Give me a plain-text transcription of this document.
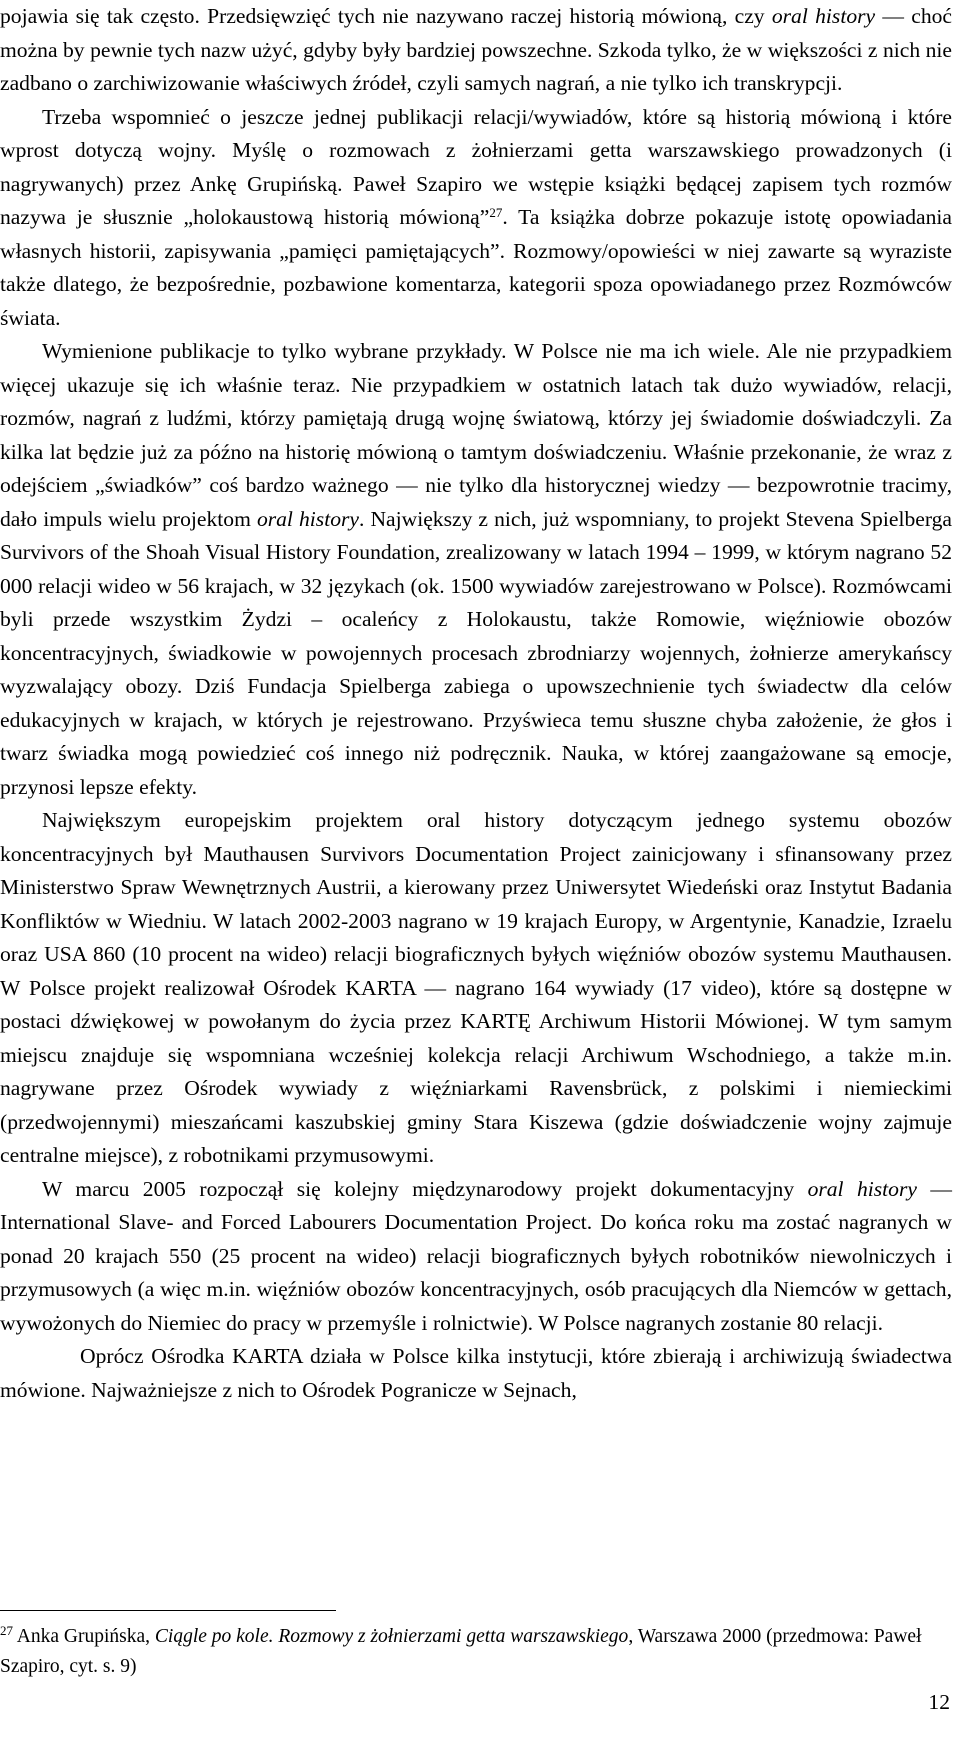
pojawia się tak często. Przedsięwzięć tych nie nazywano raczej historią mówioną, czy oral history — choć można by pewnie tych nazw użyć, gdyby były bardziej powszechne. Szkoda tylko, że w większości z nich nie zadbano o zarchiwizowanie właściwych źródeł, czyli samych nagrań, a nie tylko ich transkrypcji.

Trzeba wspomnieć o jeszcze jednej publikacji relacji/wywiadów, które są historią mówioną i które wprost dotyczą wojny. Myślę o rozmowach z żołnierzami getta warszawskiego prowadzonych (i nagrywanych) przez Ankę Grupińską. Paweł Szapiro we wstępie książki będącej zapisem tych rozmów nazywa je słusznie „holokaustową historią mówioną”$^{27}$. Ta książka dobrze pokazuje istotę opowiadania własnych historii, zapisywania „pamięci pamiętających”. Rozmowy/opowieści w niej zawarte są wyraziste także dlatego, że bezpośrednie, pozbawione komentarza, kategorii spoza opowiadanego przez Rozmówców świata.

Wymienione publikacje to tylko wybrane przykłady. W Polsce nie ma ich wiele. Ale nie przypadkiem więcej ukazuje się ich właśnie teraz. Nie przypadkiem w ostatnich latach tak dużo wywiadów, relacji, rozmów, nagrań z ludźmi, którzy pamiętają drugą wojnę światową, którzy jej świadomie doświadczyli. Za kilka lat będzie już za późno na historię mówioną o tamtym doświadczeniu. Właśnie przekonanie, że wraz z odejściem „świadków” coś bardzo ważnego — nie tylko dla historycznej wiedzy — bezpowrotnie tracimy, dało impuls wielu projektom oral history. Największy z nich, już wspomniany, to projekt Stevena Spielberga Survivors of the Shoah Visual History Foundation, zrealizowany w latach 1994 – 1999, w którym nagrano 52 000 relacji wideo w 56 krajach, w 32 językach (ok. 1500 wywiadów zarejestrowano w Polsce). Rozmówcami byli przede wszystkim Żydzi – ocaleńcy z Holokaustu, także Romowie, więźniowie obozów koncentracyjnych, świadkowie w powojennych procesach zbrodniarzy wojennych, żołnierze amerykańscy wyzwalający obozy. Dziś Fundacja Spielberga zabiega o upowszechnienie tych świadectw dla celów edukacyjnych w krajach, w których je rejestrowano. Przyświeca temu słuszne chyba założenie, że głos i twarz świadka mogą powiedzieć coś innego niż podręcznik. Nauka, w której zaangażowane są emocje, przynosi lepsze efekty.

Największym europejskim projektem oral history dotyczącym jednego systemu obozów koncentracyjnych był Mauthausen Survivors Documentation Project zainicjowany i sfinansowany przez Ministerstwo Spraw Wewnętrznych Austrii, a kierowany przez Uniwersytet Wiedeński oraz Instytut Badania Konfliktów w Wiedniu. W latach 2002-2003 nagrano w 19 krajach Europy, w Argentynie, Kanadzie, Izraelu oraz USA 860 (10 procent na wideo) relacji biograficznych byłych więźniów obozów systemu Mauthausen. W Polsce projekt realizował Ośrodek KARTA — nagrano 164 wywiady (17 video), które są dostępne w postaci dźwiękowej w powołanym do życia przez KARTĘ Archiwum Historii Mówionej. W tym samym miejscu znajduje się wspomniana wcześniej kolekcja relacji Archiwum Wschodniego, a także m.in. nagrywane przez Ośrodek wywiady z więźniarkami Ravensbrück, z polskimi i niemieckimi (przedwojennymi) mieszańcami kaszubskiej gminy Stara Kiszewa (gdzie doświadczenie wojny zajmuje centralne miejsce), z robotnikami przymusowymi.

W marcu 2005 rozpoczął się kolejny międzynarodowy projekt dokumentacyjny oral history — International Slave- and Forced Labourers Documentation Project. Do końca roku ma zostać nagranych w ponad 20 krajach 550 (25 procent na wideo) relacji biograficznych byłych robotników niewolniczych i przymusowych (a więc m.in. więźniów obozów koncentracyjnych, osób pracujących dla Niemców w gettach, wywożonych do Niemiec do pracy w przemyśle i rolnictwie). W Polsce nagranych zostanie 80 relacji.

Oprócz Ośrodka KARTA działa w Polsce kilka instytucji, które zbierają i archiwizują świadectwa mówione. Najważniejsze z nich to Ośrodek Pogranicze w Sejnach,

$^{27}$ Anka Grupińska, Ciągle po kole. Rozmowy z żołnierzami getta warszawskiego, Warszawa 2000 (przedmowa: Paweł Szapiro, cyt. s. 9)
12
